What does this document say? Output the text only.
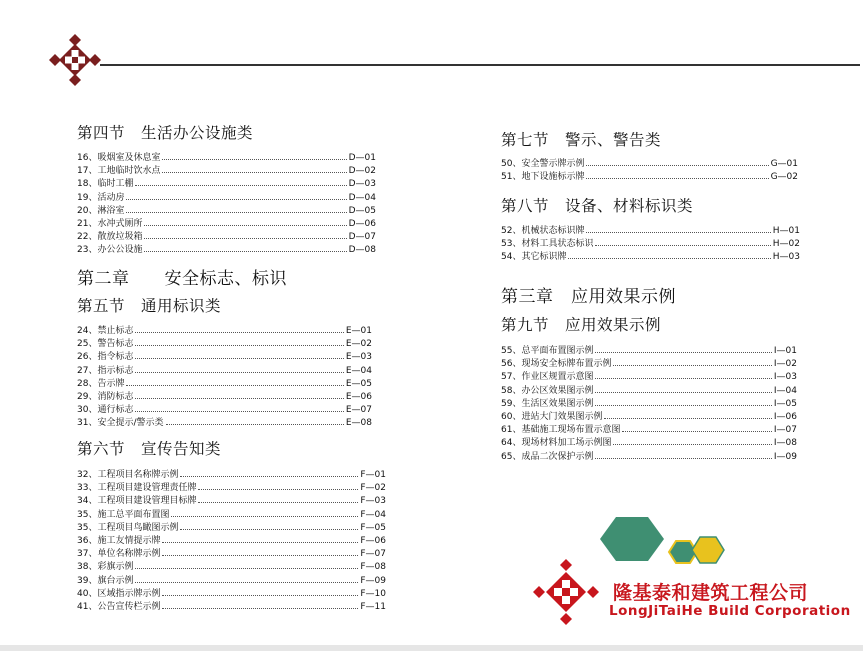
第四节　生活办公设施类
16、吸烟室及休息室	D—01
17、工地临时饮水点	D—02
18、临时工棚	D—03
19、活动房	D—04
20、淋浴室	D—05
21、水冲式厕所	D—06
22、散放垃圾箱	D—07
23、办公公设施	D—08
第二章　　安全标志、标识
第五节　通用标识类
24、禁止标志	E—01
25、警告标志	E—02
26、指令标志	E—03
27、指示标志	E—04
28、告示牌	E—05
29、消防标志	E—06
30、通行标志	E—07
31、安全提示/警示类	E—08
第六节　宣传告知类
32、工程项目名称牌示例	F—01
33、工程项目建设管理责任牌	F—02
34、工程项目建设管理目标牌	F—03
35、施工总平面布置图	F—04
35、工程项目鸟瞰图示例	F—05
36、施工友情提示牌	F—06
37、单位名称牌示例	F—07
38、彩旗示例	F—08
39、旗台示例	F—09
40、区域指示牌示例	F—10
41、公告宣传栏示例	F—11
第七节　警示、警告类
50、安全警示牌示例	G—01
51、地下设施标示牌	G—02
第八节　设备、材料标识类
52、机械状态标识牌	H—01
53、材料工具状态标识	H—02
54、其它标识牌	H—03
第三章　应用效果示例
第九节　应用效果示例
55、总平面布置图示例	I—01
56、现场安全标牌布置示例	I—02
57、作业区规置示意图	I—03
58、办公区效果图示例	I—04
59、生活区效果图示例	I—05
60、进站大门效果图示例	I—06
61、基础施工现场布置示意图	I—07
64、现场材料加工场示例图	I—08
65、成品二次保护示例	I—09
隆基泰和建筑工程公司
LongJiTaiHe Build Corporation
